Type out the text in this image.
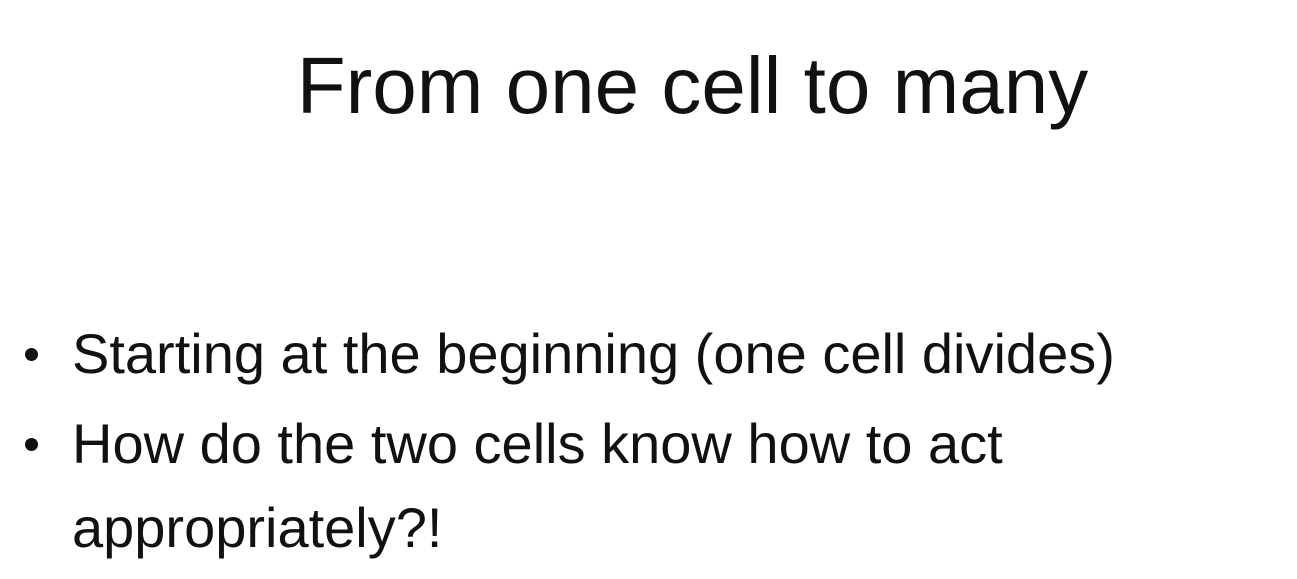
From one cell to many
Starting at the beginning (one cell divides)
How do the two cells know how to act appropriately?!
